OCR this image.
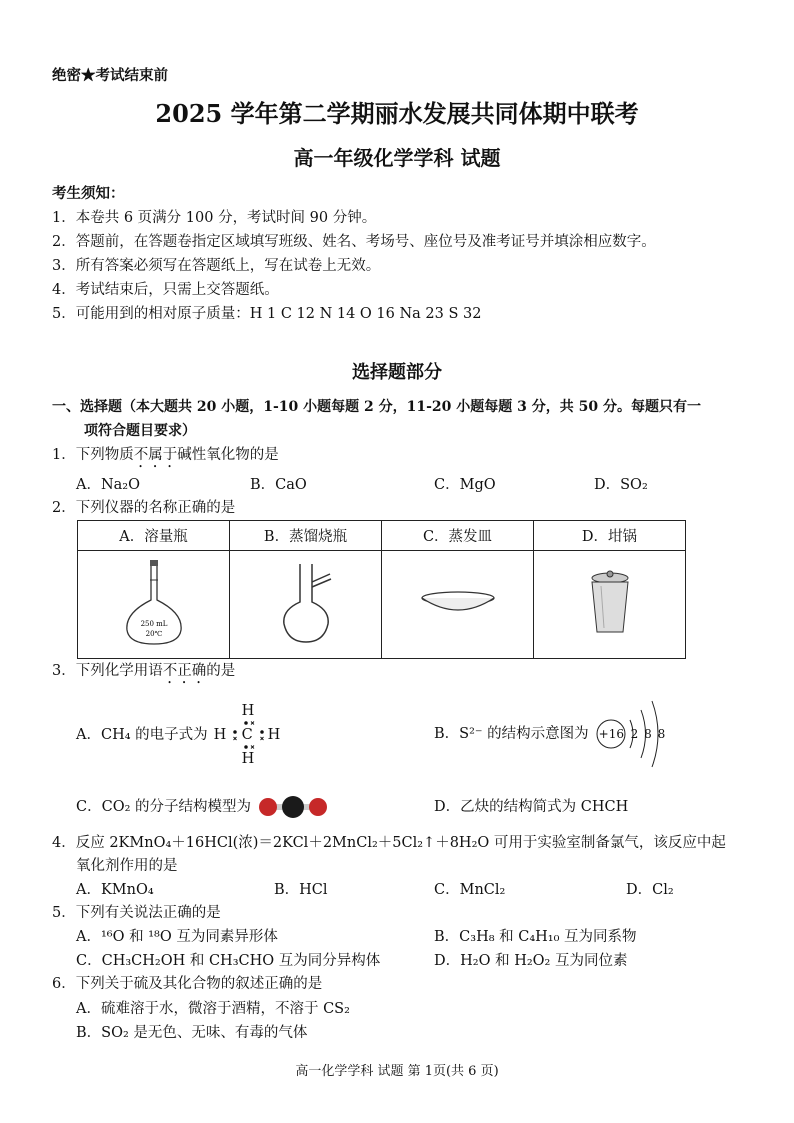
绝密★考试结束前
2025 学年第二学期丽水发展共同体期中联考
高一年级化学学科 试题
考生须知：
1．本卷共 6 页满分 100 分，考试时间 90 分钟。
2．答题前，在答题卷指定区域填写班级、姓名、考场号、座位号及准考证号并填涂相应数字。
3．所有答案必须写在答题纸上，写在试卷上无效。
4．考试结束后，只需上交答题纸。
5．可能用到的相对原子质量：H 1 C 12 N 14 O 16 Na 23 S 32
选择题部分
一、选择题（本大题共 20 小题，1-10 小题每题 2 分，11-20 小题每题 3 分，共 50 分。每题只有一
项符合题目要求）
1．下列物质不属于碱性氧化物的是
A．Na₂O	B．CaO	C．MgO	D．SO₂
2．下列仪器的名称正确的是
A．溶量瓶	B．蒸馏烧瓶	C．蒸发皿	D．坩锅

250 mL
20℃

3．下列化学用语不正确的是
A．CH₄ 的电子式为
H
H C H
H
B．S²⁻ 的结构示意图为 +16 2 8 8
C．CO₂ 的分子结构模型为	D．乙炔的结构简式为 CHCH
4．反应 2KMnO₄＋16HCl(浓)＝2KCl＋2MnCl₂＋5Cl₂↑＋8H₂O 可用于实验室制备氯气，该反应中起
氧化剂作用的是
A．KMnO₄	B．HCl	C．MnCl₂	D．Cl₂
5．下列有关说法正确的是
A．¹⁶O 和 ¹⁸O 互为同素异形体	B．C₃H₈ 和 C₄H₁₀ 互为同系物
C．CH₃CH₂OH 和 CH₃CHO 互为同分异构体	D．H₂O 和 H₂O₂ 互为同位素
6．下列关于硫及其化合物的叙述正确的是
A．硫难溶于水，微溶于酒精，不溶于 CS₂
B．SO₂ 是无色、无味、有毒的气体
高一化学学科 试题 第 1页(共 6 页)
